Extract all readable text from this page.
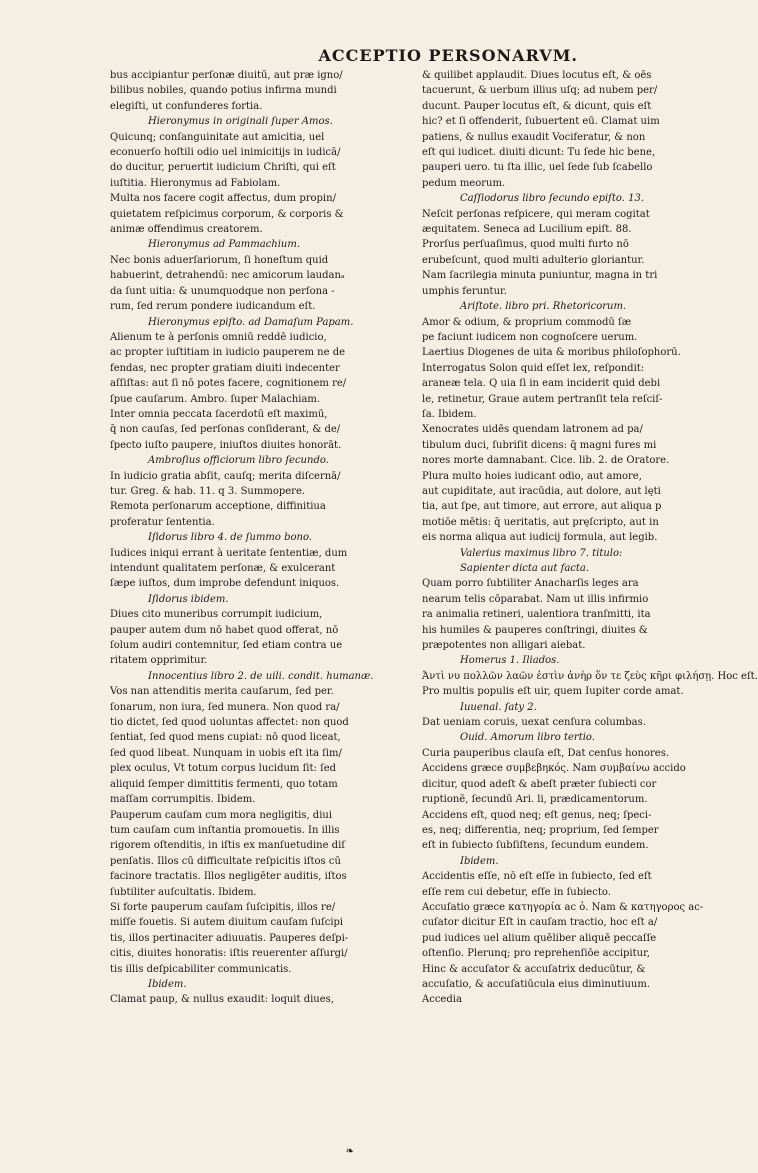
ACCEPTIO PERSONARVM.
bus accipiantur perſonæ diuitū, aut præ igno/
bilibus nobiles, quando potius infirma mundi
elegiſti, ut confunderes fortia.
Hieronymus in originali ſuper Amos.
Quicunq; conſanguinitate aut amicitia, uel
econuerſo hoſtili odio uel inimicitijs in iudicā/
do ducitur, peruertit iudicium Chriſti, qui eſt
iuſtitia. Hieronymus ad Fabiolam.
Multa nos facere cogit affectus, dum propin/
quietatem reſpicimus corporum, & corporis &
animæ offendimus creatorem.
Hieronymus ad Pammachium.
Nec bonis aduerſariorum, ſi honeſtum quid
habuerint, detrahendū: nec amicorum laudanₐ
da ſunt uitia: & unumquodque non perſona -
rum, ſed rerum pondere iudicandum eſt.
Hieronymus epiſto. ad Damaſum Papam.
Alienum te à perſonis omniū reddē iudicio,
ac propter iuſtitiam in iudicio pauperem ne de
fendas, nec propter gratiam diuiti indecenter
aſſiſtas: aut ſi nō potes facere, cognitionem re/
ſpue cauſarum. Ambro. ſuper Malachiam.
Inter omnia peccata ſacerdotū eſt maximū,
q̄ non cauſas, ſed perſonas conſiderant, & de/
ſpecto iuſto paupere, iniuſtos diuites honorāt.
Ambroſius officiorum libro ſecundo.
In iudicio gratia abſit, cauſq; merita diſcernā/
tur. Greg. & hab. 11. q 3. Summopere.
Remota perſonarum acceptione, diffinitiua
proferatur ſententia.
Iſidorus libro 4. de ſummo bono.
Iudices iniqui errant à ueritate ſententiæ, dum
intendunt qualitatem perſonæ, & exulcerant
ſæpe iuſtos, dum improbe defendunt iniquos.
Iſidorus ibidem.
Diues cito muneribus corrumpit iudicium,
pauper autem dum nō habet quod offerat, nō
ſolum audiri contemnitur, ſed etiam contra ue
ritatem opprimitur.
Innocentius libro 2. de uili. condit. humanæ.
Vos nan attenditis merita cauſarum, ſed per.
ſonarum, non iura, ſed munera. Non quod ra/
tio dictet, ſed quod uoluntas affectet: non quod
ſentiat, ſed quod mens cupiat: nō quod liceat,
ſed quod libeat. Nunquam in uobis eſt ita ſim/
plex oculus, Vt totum corpus lucidum ſit: ſed
aliquid ſemper dimittitis fermenti, quo totam
maſſam corrumpitis. Ibidem.
Pauperum cauſam cum mora negligitis, diui
tum cauſam cum inſtantia promouetis. In illis
rigorem oſtenditis, in iſtis ex manſuetudine diſ
penſatis. Illos cū difficultate reſpicitis iſtos cū
facinore tractatis. Illos negligēter auditis, iſtos
ſubtiliter auſcultatis. Ibidem.
Si forte pauperum cauſam ſuſcipitis, illos re/
miſſe fouetis. Si autem diuitum cauſam ſuſcipi
tis, illos pertinaciter adiuuatis. Pauperes deſpi-
citis, diuites honoratis: iſtis reuerenter aſſurgi/
tis illis deſpicabiliter communicatis.
Ibidem.
Clamat paup, & nullus exaudit: loquit diues,
& quilibet applaudit. Diues locutus eſt, & oēs
tacuerunt, & uerbum illius uſq; ad nubem per/
ducunt. Pauper locutus eſt, & dicunt, quis eſt
hic? et ſi offenderit, ſubuertent eū. Clamat uim
patiens, & nullus exaudit Vociferatur, & non
eſt qui iudicet. diuiti dicunt: Tu ſede hic bene,
pauperi uero. tu ſta illic, uel ſede ſub ſcabello
pedum meorum.
Caſſiodorus libro ſecundo epiſto. 13.
Neſcit perſonas reſpicere, qui meram cogitat
æquitatem. Seneca ad Lucilium epiſt. 88.
Prorſus perſuaſimus, quod multi furto nō
erubeſcunt, quod multi adulterio gloriantur.
Nam ſacrilegia minuta puniuntur, magna in tri
umphis feruntur.
Ariſtote. libro pri. Rhetoricorum.
Amor & odium, & proprium commodū ſæ
pe faciunt iudicem non cognoſcere uerum.
Laertius Diogenes de uita & moribus philoſophorū.
Interrogatus Solon quid eſſet lex, reſpondit:
araneæ tela. Q uia ſi in eam inciderit quid debi
le, retinetur, Graue autem pertranſit tela reſciſ-
ſa. Ibidem.
Xenocrates uidēs quendam latronem ad pa/
tibulum duci, ſubriſit dicens: q̄ magni fures mi
nores morte damnabant. Cice. lib. 2. de Oratore.
Plura multo hoies iudicant odio, aut amore,
aut cupiditate, aut iracūdia, aut dolore, aut lęti
tia, aut ſpe, aut timore, aut errore, aut aliqua p
motiōe mētis: q̄ ueritatis, aut pręſcripto, aut in
eis norma aliqua aut iudicij formula, aut legib.
Valerius maximus libro 7. titulo:
Sapienter dicta aut facta.
Quam porro ſubtiliter Anacharſis leges ara
nearum telis cōparabat. Nam ut illis infirmio
ra animalia retineri, ualentiora tranſmitti, ita
his humiles & pauperes conſtringi, diuites &
præpotentes non alligari aiebat.
Homerus 1. Iliados.
Ἀντὶ νυ πολλῶν λαῶν ἐστὶν ἀνὴρ ὅν τε ζεὺς κῆρι φιλήσῃ. Hoc eſt.
Pro multis populis eſt uir, quem Iupiter corde amat.
Iuuenal. ſaty 2.
Dat ueniam coruis, uexat cenſura columbas.
Ouid. Amorum libro tertio.
Curia pauperibus clauſa eſt, Dat cenſus honores.
Accidens græce συμβεβηκός. Nam συμβαίνω accido
dicitur, quod adeſt & abeſt præter ſubiecti cor
ruptionē, ſecundū Ari. li, prædicamentorum.
Accidens eſt, quod neq; eſt genus, neq; ſpeci-
es, neq; differentia, neq; proprium, ſed ſemper
eſt in ſubiecto ſubſiſtens, ſecundum eundem.
Ibidem.
Accidentis eſſe, nō eſt eſſe in ſubiecto, ſed eſt
eſſe rem cui debetur, eſſe in ſubiecto.
Accuſatio græce κατηγορία ac ὁ. Nam & κατηγορος ac-
cuſator dicitur Eſt in cauſam tractio, hoc eſt a/
pud iudices uel alium quēliber aliquē peccaſſe
oſtenſio. Plerunq; pro reprehenſiōe accipitur,
Hinc & accuſator & accuſatrix deducūtur, &
accuſatio, & accuſatiūcula eius diminutiuum.
Accedia
❧
